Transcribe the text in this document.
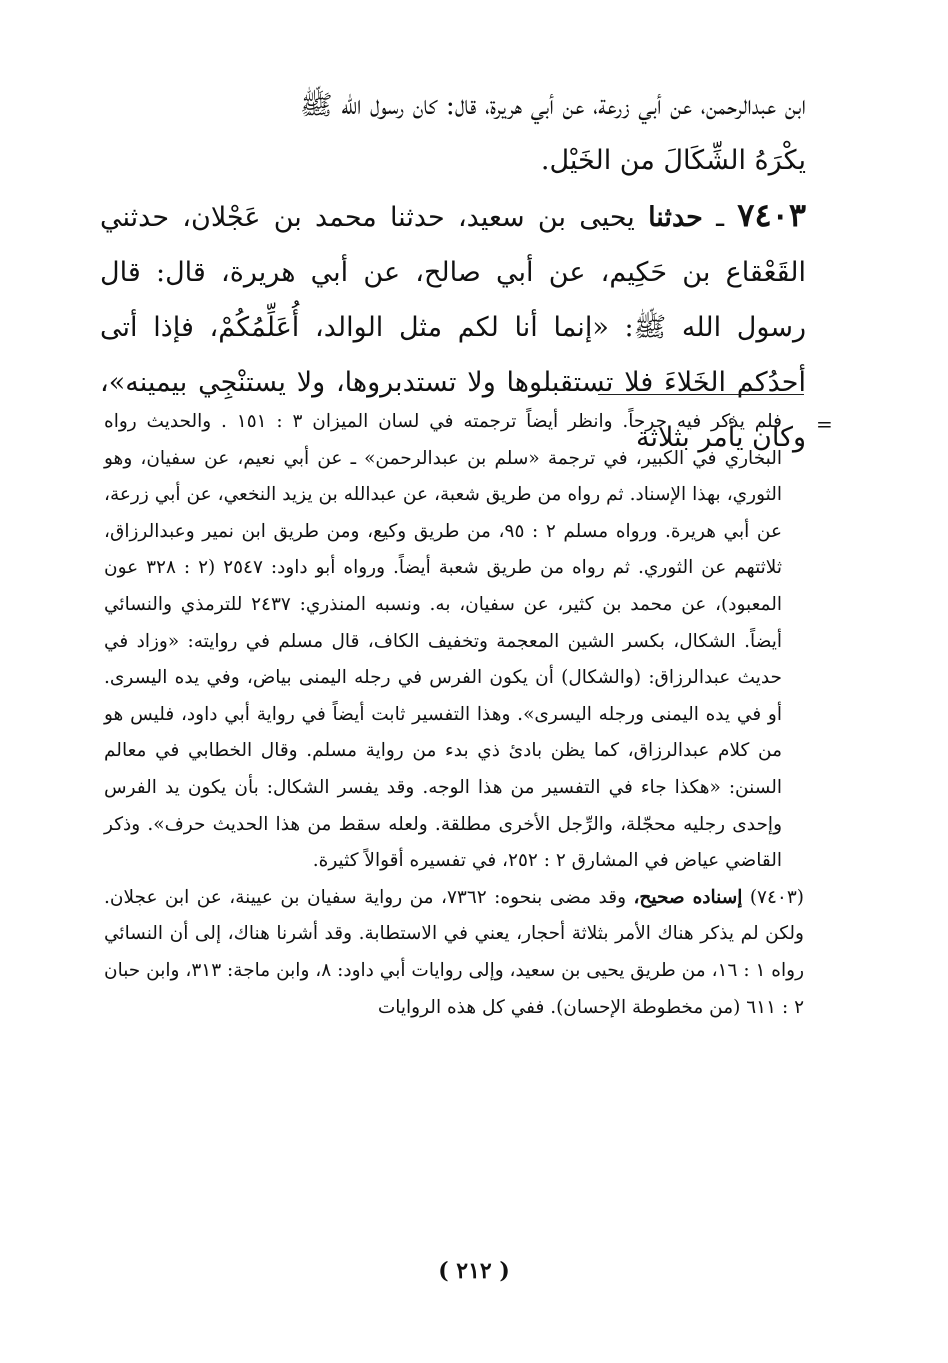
ابن عبدالرحمن، عن أبي زرعة، عن أبي هريرة، قال: كان رسول الله ﷺ

يكْرَهُ الشِّكَالَ من الخَيْل.

٧٤٠٣ ـ حدثنا يحيى بن سعيد، حدثنا محمد بن عَجْلان، حدثني القَعْقاع بن حَكِيم، عن أبي صالح، عن أبي هريرة، قال: قال رسول الله ﷺ: «إنما أنا لكم مثل الوالد، أُعَلِّمُكُمْ، فإذا أتى أحدُكم الخَلاءَ فلا تستقبلوها ولا تستدبروها، ولا يستنْجِي بيمينه»، وكان يأمر بثلاثة =

فلم يذكر فيه جرحاً. وانظر أيضاً ترجمته في لسان الميزان ٣ : ١٥١ . والحديث رواه البخاري في الكبير، في ترجمة «سلم بن عبدالرحمن» ـ عن أبي نعيم، عن سفيان، وهو الثوري، بهذا الإسناد. ثم رواه من طريق شعبة، عن عبدالله بن يزيد النخعي، عن أبي زرعة، عن أبي هريرة. ورواه مسلم ٢ : ٩٥، من طريق وكيع، ومن طريق ابن نمير وعبدالرزاق، ثلاثتهم عن الثوري. ثم رواه من طريق شعبة أيضاً. ورواه أبو داود: ٢٥٤٧ (٢ : ٣٢٨ عون المعبود)، عن محمد بن كثير، عن سفيان، به. ونسبه المنذري: ٢٤٣٧ للترمذي والنسائي أيضاً. الشكال، بكسر الشين المعجمة وتخفيف الكاف، قال مسلم في روايته: «وزاد في حديث عبدالرزاق: (والشكال) أن يكون الفرس في رجله اليمنى بياض، وفي يده اليسرى. أو في يده اليمنى ورجله اليسرى». وهذا التفسير ثابت أيضاً في رواية أبي داود، فليس هو من كلام عبدالرزاق، كما يظن بادئ ذي بدء من رواية مسلم. وقال الخطابي في معالم السنن: «هكذا جاء في التفسير من هذا الوجه. وقد يفسر الشكال: بأن يكون يد الفرس وإحدى رجليه محجّلة، والرِّجل الأخرى مطلقة. ولعله سقط من هذا الحديث حرف». وذكر القاضي عياض في المشارق ٢ : ٢٥٢، في تفسيره أقوالاً كثيرة.

(٧٤٠٣) إسناده صحيح، وقد مضى بنحوه: ٧٣٦٢، من رواية سفيان بن عيينة، عن ابن عجلان. ولكن لم يذكر هناك الأمر بثلاثة أحجار، يعني في الاستطابة. وقد أشرنا هناك، إلى أن النسائي رواه ١ : ١٦، من طريق يحيى بن سعيد، وإلى روايات أبي داود: ٨، وابن ماجة: ٣١٣، وابن حبان ٢ : ٦١١ (من مخطوطة الإحسان). ففي كل هذه الروايات

( ٢١٢ )
